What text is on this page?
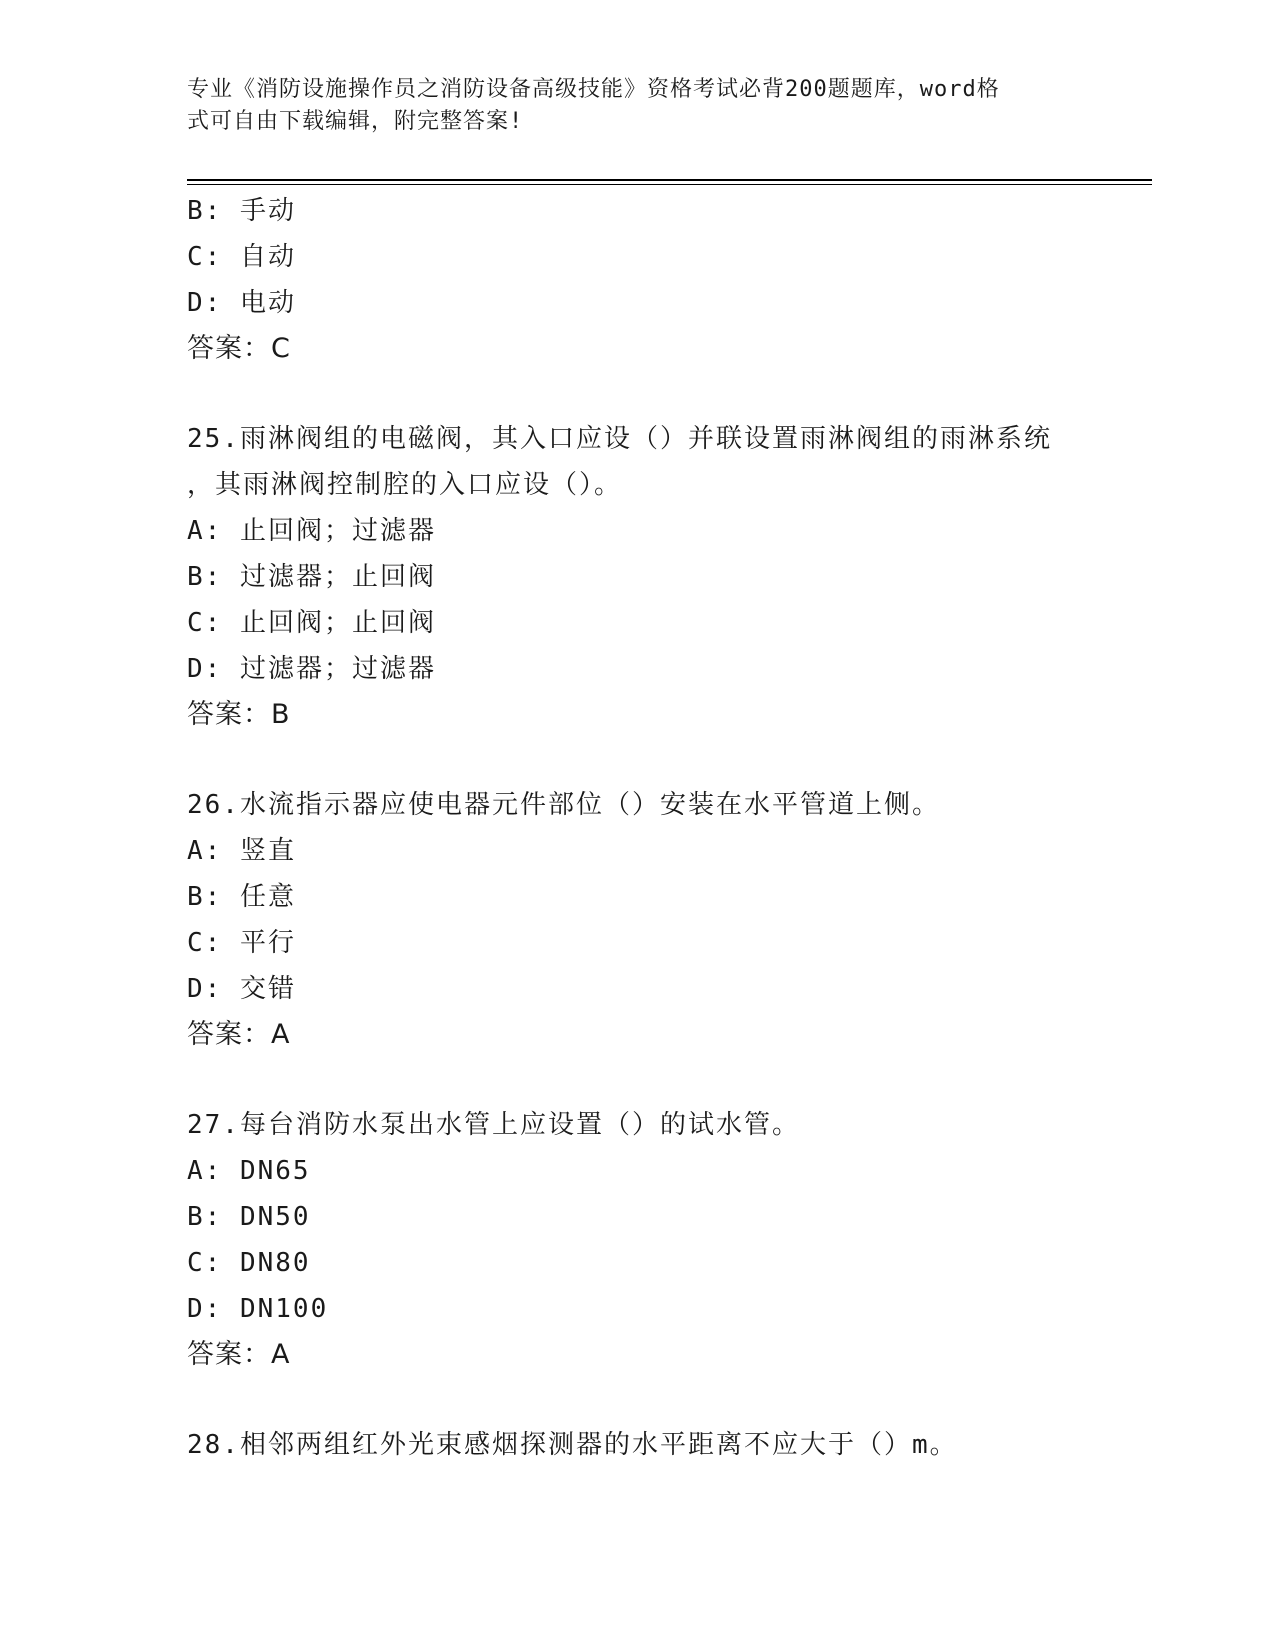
专业《消防设施操作员之消防设备高级技能》资格考试必背200题题库，word格
式可自由下载编辑，附完整答案!
B: 手动
C: 自动
D: 电动
答案：C
25.雨淋阀组的电磁阀，其入口应设（）并联设置雨淋阀组的雨淋系统
，其雨淋阀控制腔的入口应设（）。
A: 止回阀；过滤器
B: 过滤器；止回阀
C: 止回阀；止回阀
D: 过滤器；过滤器
答案：B
26.水流指示器应使电器元件部位（）安装在水平管道上侧。
A: 竖直
B: 任意
C: 平行
D: 交错
答案：A
27.每台消防水泵出水管上应设置（）的试水管。
A: DN65
B: DN50
C: DN80
D: DN100
答案：A
28.相邻两组红外光束感烟探测器的水平距离不应大于（）m。
